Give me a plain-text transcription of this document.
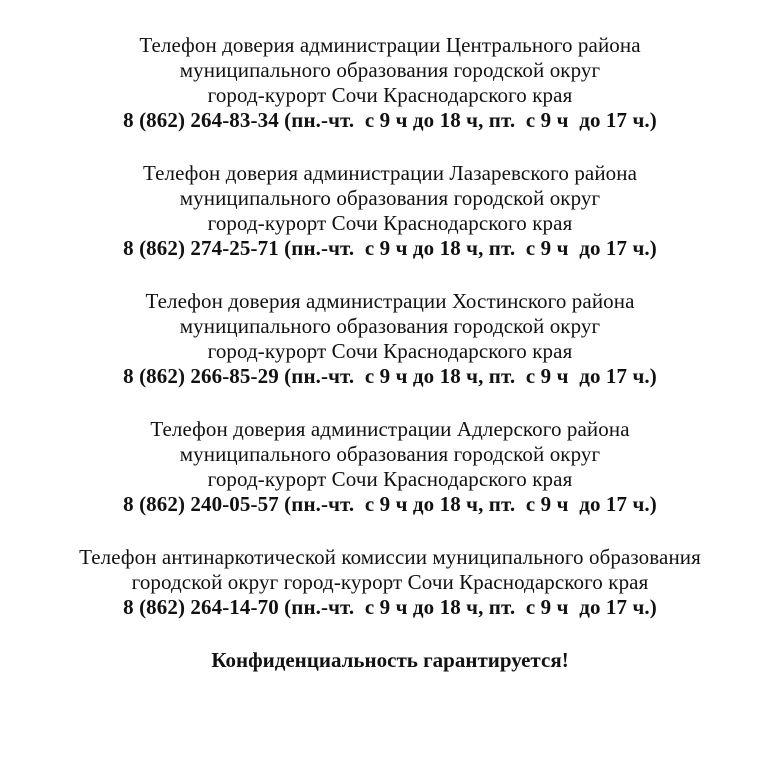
Телефон доверия администрации Центрального района
муниципального образования городской округ
город-курорт Сочи Краснодарского края
8 (862) 264-83-34 (пн.-чт.  с 9 ч до 18 ч, пт.  с 9 ч  до 17 ч.)
Телефон доверия администрации Лазаревского района
муниципального образования городской округ
город-курорт Сочи Краснодарского края
8 (862) 274-25-71 (пн.-чт.  с 9 ч до 18 ч, пт.  с 9 ч  до 17 ч.)
Телефон доверия администрации Хостинского района
муниципального образования городской округ
город-курорт Сочи Краснодарского края
8 (862) 266-85-29 (пн.-чт.  с 9 ч до 18 ч, пт.  с 9 ч  до 17 ч.)
Телефон доверия администрации Адлерского района
муниципального образования городской округ
город-курорт Сочи Краснодарского края
8 (862) 240-05-57 (пн.-чт.  с 9 ч до 18 ч, пт.  с 9 ч  до 17 ч.)
Телефон антинаркотической комиссии муниципального образования
городской округ город-курорт Сочи Краснодарского края
8 (862) 264-14-70 (пн.-чт.  с 9 ч до 18 ч, пт.  с 9 ч  до 17 ч.)
Конфиденциальность гарантируется!
